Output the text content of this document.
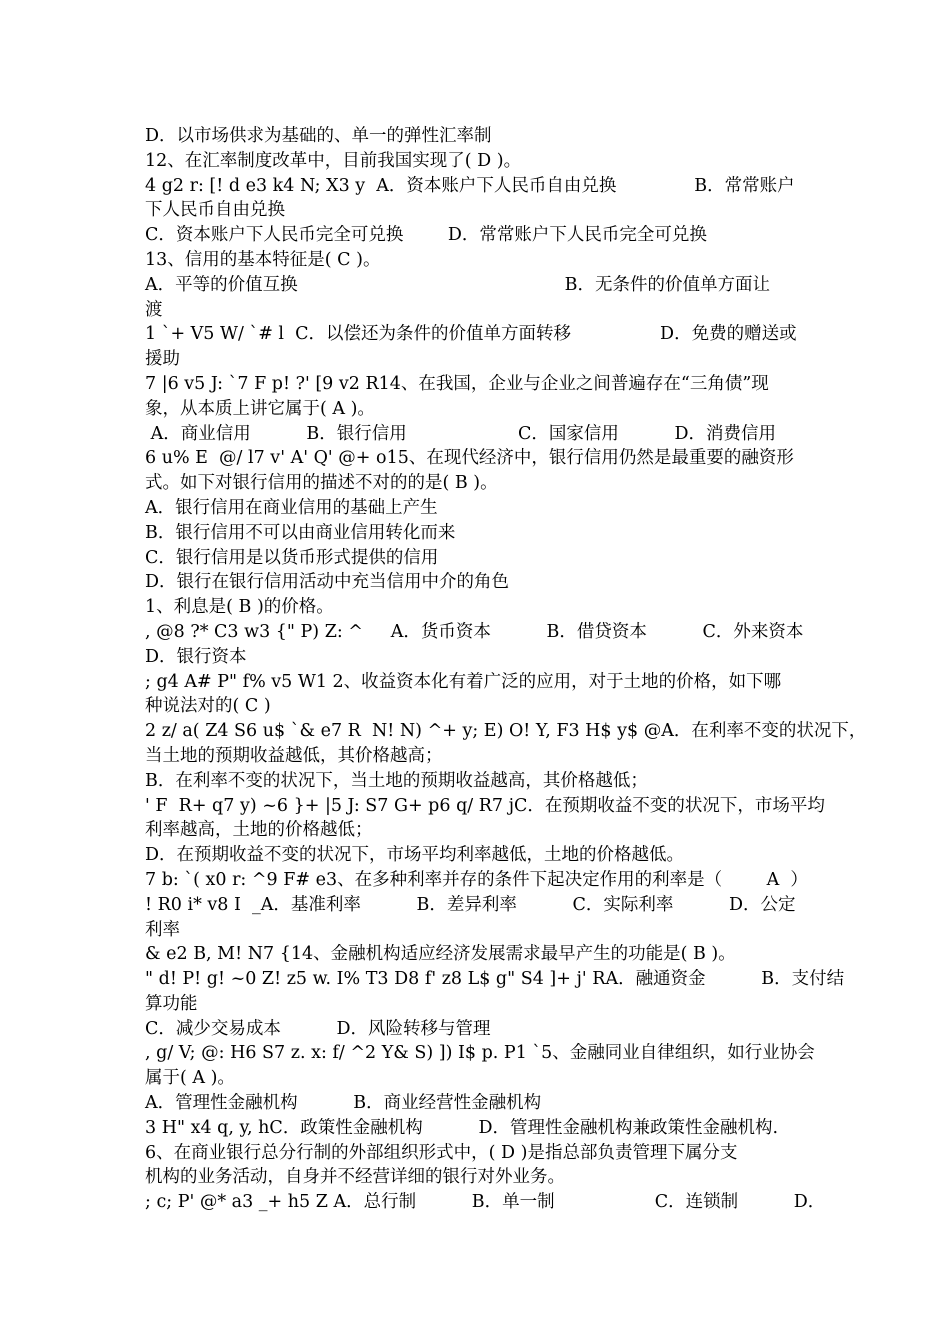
D．以市场供求为基础的、单一的弹性汇率制
12、在汇率制度改革中，目前我国实现了( D )。
4 g2 r: [! d e3 k4 N; X3 y  A．资本账户下人民币自由兑换              B．常常账户
下人民币自由兑换
C．资本账户下人民币完全可兑换        D．常常账户下人民币完全可兑换
13、信用的基本特征是( C )。
A．平等的价值互换                                                B．无条件的价值单方面让
渡
1 `+ V5 W/ `# l  C．以偿还为条件的价值单方面转移                D．免费的赠送或
援助
7 |6 v5 J: `7 F p! ?' [9 v2 R14、在我国，企业与企业之间普遍存在“三角债”现
象，从本质上讲它属于( A )。
A．商业信用          B．银行信用                    C．国家信用          D．消费信用
6 u% E  @/ l7 v' A' Q' @+ o15、在现代经济中，银行信用仍然是最重要的融资形
式。如下对银行信用的描述不对的的是( B )。
A．银行信用在商业信用的基础上产生
B．银行信用不可以由商业信用转化而来
C．银行信用是以货币形式提供的信用
D．银行在银行信用活动中充当信用中介的角色
1、利息是( B )的价格。
, @8 ?* C3 w3 {" P) Z: ^     A．货币资本          B．借贷资本          C．外来资本
D．银行资本
; g4 A# P" f% v5 W1 2、收益资本化有着广泛的应用，对于土地的价格，如下哪
种说法对的( C )
2 z/ a( Z4 S6 u$ `& e7 R  N! N) ^+ y; E) O! Y, F3 H$ y$ @A．在利率不变的状况下，
当土地的预期收益越低，其价格越高；
B．在利率不变的状况下，当土地的预期收益越高，其价格越低；
' F  R+ q7 y) ~6 }+ |5 J: S7 G+ p6 q/ R7 jC．在预期收益不变的状况下，市场平均
利率越高，土地的价格越低；
D．在预期收益不变的状况下，市场平均利率越低，土地的价格越低。
7 b: `( x0 r: ^9 F# e3、在多种利率并存的条件下起决定作用的利率是（        A  ）
! R0 i* v8 I  _A．基准利率          B．差异利率          C．实际利率          D．公定
利率
& e2 B, M! N7 {14、金融机构适应经济发展需求最早产生的功能是( B )。
" d! P! g! ~0 Z! z5 w. I% T3 D8 f' z8 L$ g" S4 ]+ j' RA．融通资金          B．支付结
算功能
C．减少交易成本          D．风险转移与管理
, g/ V; @: H6 S7 z. x: f/ ^2 Y& S) ]) I$ p. P1 `5、金融同业自律组织，如行业协会
属于( A )。
A．管理性金融机构          B．商业经营性金融机构
3 H" x4 q, y, hC．政策性金融机构          D．管理性金融机构兼政策性金融机构.
6、在商业银行总分行制的外部组织形式中，( D )是指总部负责管理下属分支
机构的业务活动，自身并不经营详细的银行对外业务。
; c; P' @* a3 _+ h5 Z A．总行制          B．单一制                  C．连锁制          D．
